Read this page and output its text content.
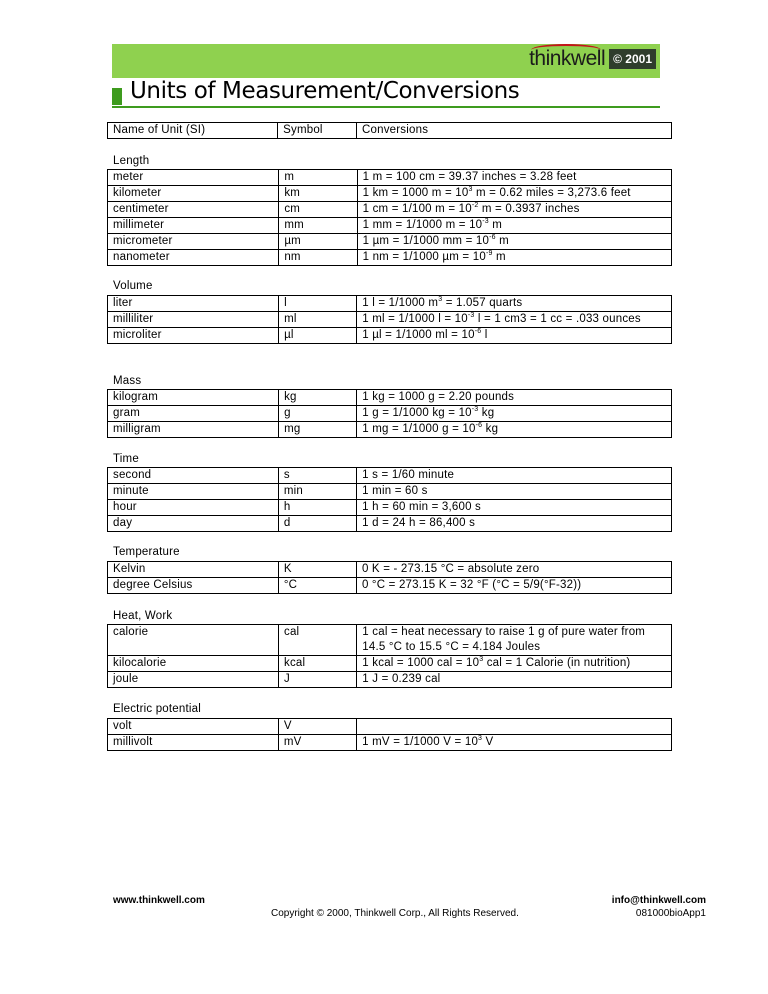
thinkwell © 2001
Units of Measurement/Conversions
Name of Unit (SI)	Symbol	Conversions
Length
meter	m	1 m = 100 cm = 39.37 inches = 3.28 feet
kilometer	km	1 km = 1000 $m = 10^3$ m = 0.62 miles = 3,273.6 feet
centimeter	cm	1 cm = 1/100 $m = 10^{-2}$ m = 0.3937 inches
millimeter	mm	1 mm = 1/1000 $m = 10^{-3}$ m
micrometer	µm	1 µm = 1/1000 mm = $10^{-6}$ m
nanometer	nm	1 nm = 1/1000 $\mu m = 10^{-9}$ m
Volume
liter	l	1 l = 1/1000 $m^3 = 1.057$ quarts
milliliter	ml	1 ml = 1/1000 $l = 10^{-3}$ l = 1 cm3 = 1 cc = .033 ounces
microliter	µl	1 µl = 1/1000 ml = $10^{-6}$ l
Mass
kilogram	kg	1 kg = 1000 g = 2.20 pounds
gram	g	1 g = 1/1000 kg = $10^{-3}$ kg
milligram	mg	1 mg = 1/1000 $g = 10^{-6}$ kg
Time
second	s	1 s = 1/60 minute
minute	min	1 min = 60 s
hour	h	1 h = 60 min = 3,600 s
day	d	1 d = 24 h = 86,400 s
Temperature
Kelvin	K	0 K = - 273.15 °C = absolute zero
degree Celsius	°C	0 °C = 273.15 K = 32 °F (°C = 5/9(°F-32))
Heat, Work
calorie	cal	1 cal = heat necessary to raise 1 g of pure water from 14.5 °C to 15.5 °C = 4.184 Joules
kilocalorie	kcal	1 kcal = 1000 cal = $10^3$ cal = 1 Calorie (in nutrition)
joule	J	1 J = 0.239 cal
Electric potential
volt	V	
millivolt	mV	1 mV = 1/1000 $V = 10^3$ V
www.thinkwell.com	info@thinkwell.com
Copyright © 2000, Thinkwell Corp., All Rights Reserved.	081000bioApp1
